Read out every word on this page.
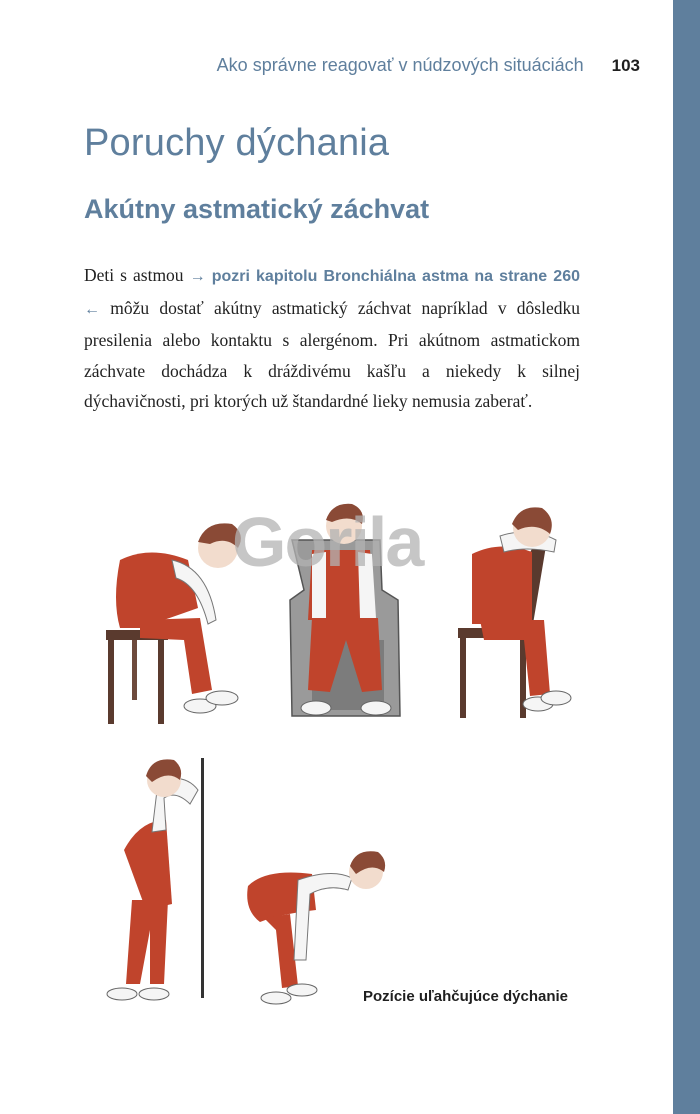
Ako správne reagovať v núdzových situáciách 103
Poruchy dýchania
Akútny astmatický záchvat

Deti s astmou → pozri kapitolu Bronchiálna astma na strane 260 ← môžu dostať akútny astmatický záchvat napríklad v dôsledku presilenia alebo kontaktu s alergénom. Pri akútnom astmatickom záchvate dochádza k dráždivému kašľu a niekedy k silnej dýchavičnosti, pri ktorých už štandardné lieky nemusia zaberať.

Gorila
Pozície uľahčujúce dýchanie
